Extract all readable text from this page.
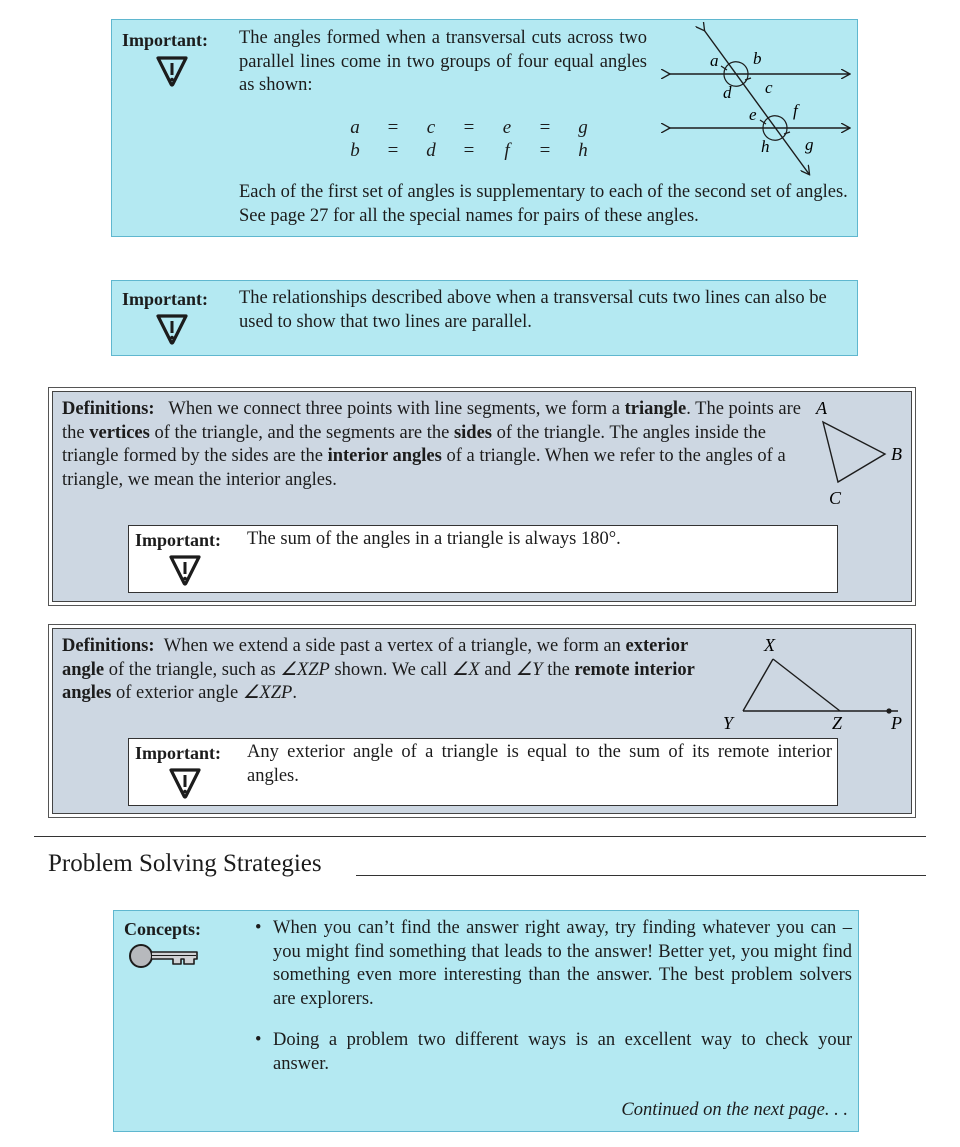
Important: The angles formed when a transversal cuts across two parallel lines come in two groups of four equal angles as shown:
a = c = e = g
b = d = f = h
Each of the first set of angles is supplementary to each of the second set of angles. See page 27 for all the special names for pairs of these angles.
a b
c
d
e f
g
h
Important: The relationships described above when a transversal cuts two lines can also be used to show that two lines are parallel.
Definitions: When we connect three points with line segments, we form a triangle. The points are the vertices of the triangle, and the segments are the sides of the triangle. The angles inside the triangle formed by the sides are the interior angles of a triangle. When we refer to the angles of a triangle, we mean the interior angles.
A
B
C
Important: The sum of the angles in a triangle is always 180°.
Definitions: When we extend a side past a vertex of a triangle, we form an exterior angle of the triangle, such as ∠XZP shown. We call ∠X and ∠Y the remote interior angles of exterior angle ∠XZP.
X
Y	Z	P
Important: Any exterior angle of a triangle is equal to the sum of its remote interior angles.
Problem Solving Strategies
Concepts:	• When you can’t find the answer right away, try finding whatever you can – you might find something that leads to the answer! Better yet, you might find something even more interesting than the answer. The best problem solvers are explorers.
• Doing a problem two different ways is an excellent way to check your answer.
Continued on the next page. . .
